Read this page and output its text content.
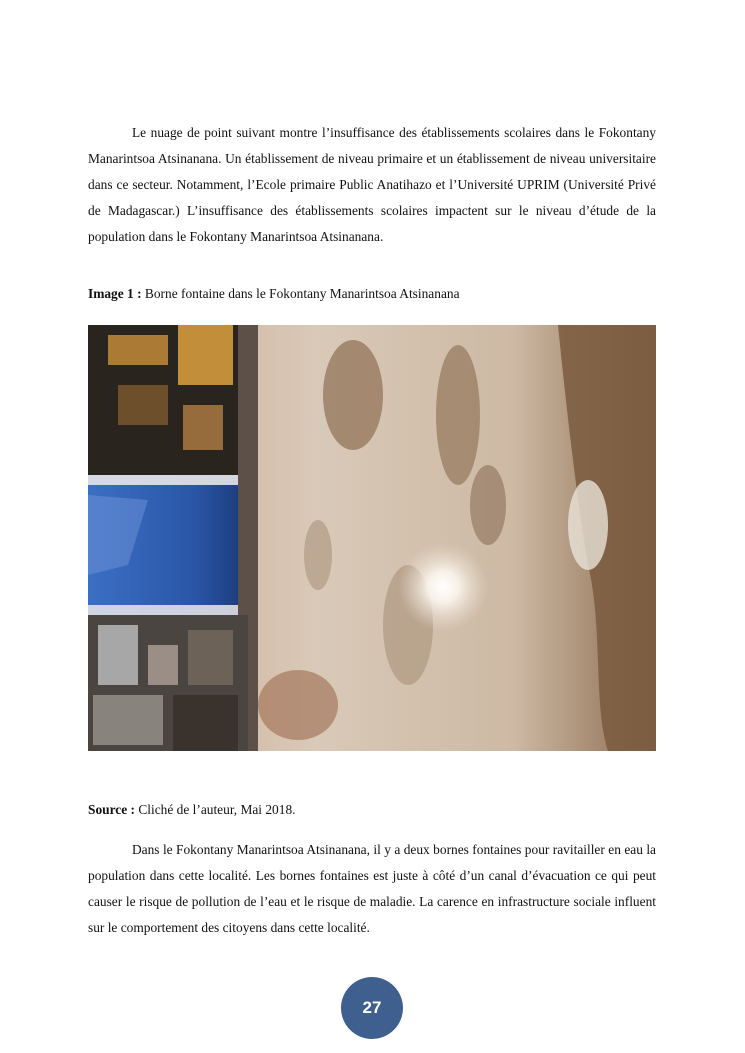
Le nuage de point suivant montre l’insuffisance des établissements scolaires dans le Fokontany Manarintsoa Atsinanana. Un établissement de niveau primaire et un établissement de niveau universitaire dans ce secteur. Notamment, l’Ecole primaire Public Anatihazo et l’Université UPRIM (Université Privé de Madagascar.) L’insuffisance des établissements scolaires impactent sur le niveau d’étude de la population dans le Fokontany Manarintsoa Atsinanana.

Image 1 : Borne fontaine dans le Fokontany Manarintsoa Atsinanana

Source : Cliché de l’auteur, Mai 2018.

Dans le Fokontany Manarintsoa Atsinanana, il y a deux bornes fontaines pour ravitailler en eau la population dans cette localité. Les bornes fontaines est juste à côté d’un canal d’évacuation ce qui peut causer le risque de pollution de l’eau et le risque de maladie. La carence en infrastructure sociale influent sur le comportement des citoyens dans cette localité.

27
